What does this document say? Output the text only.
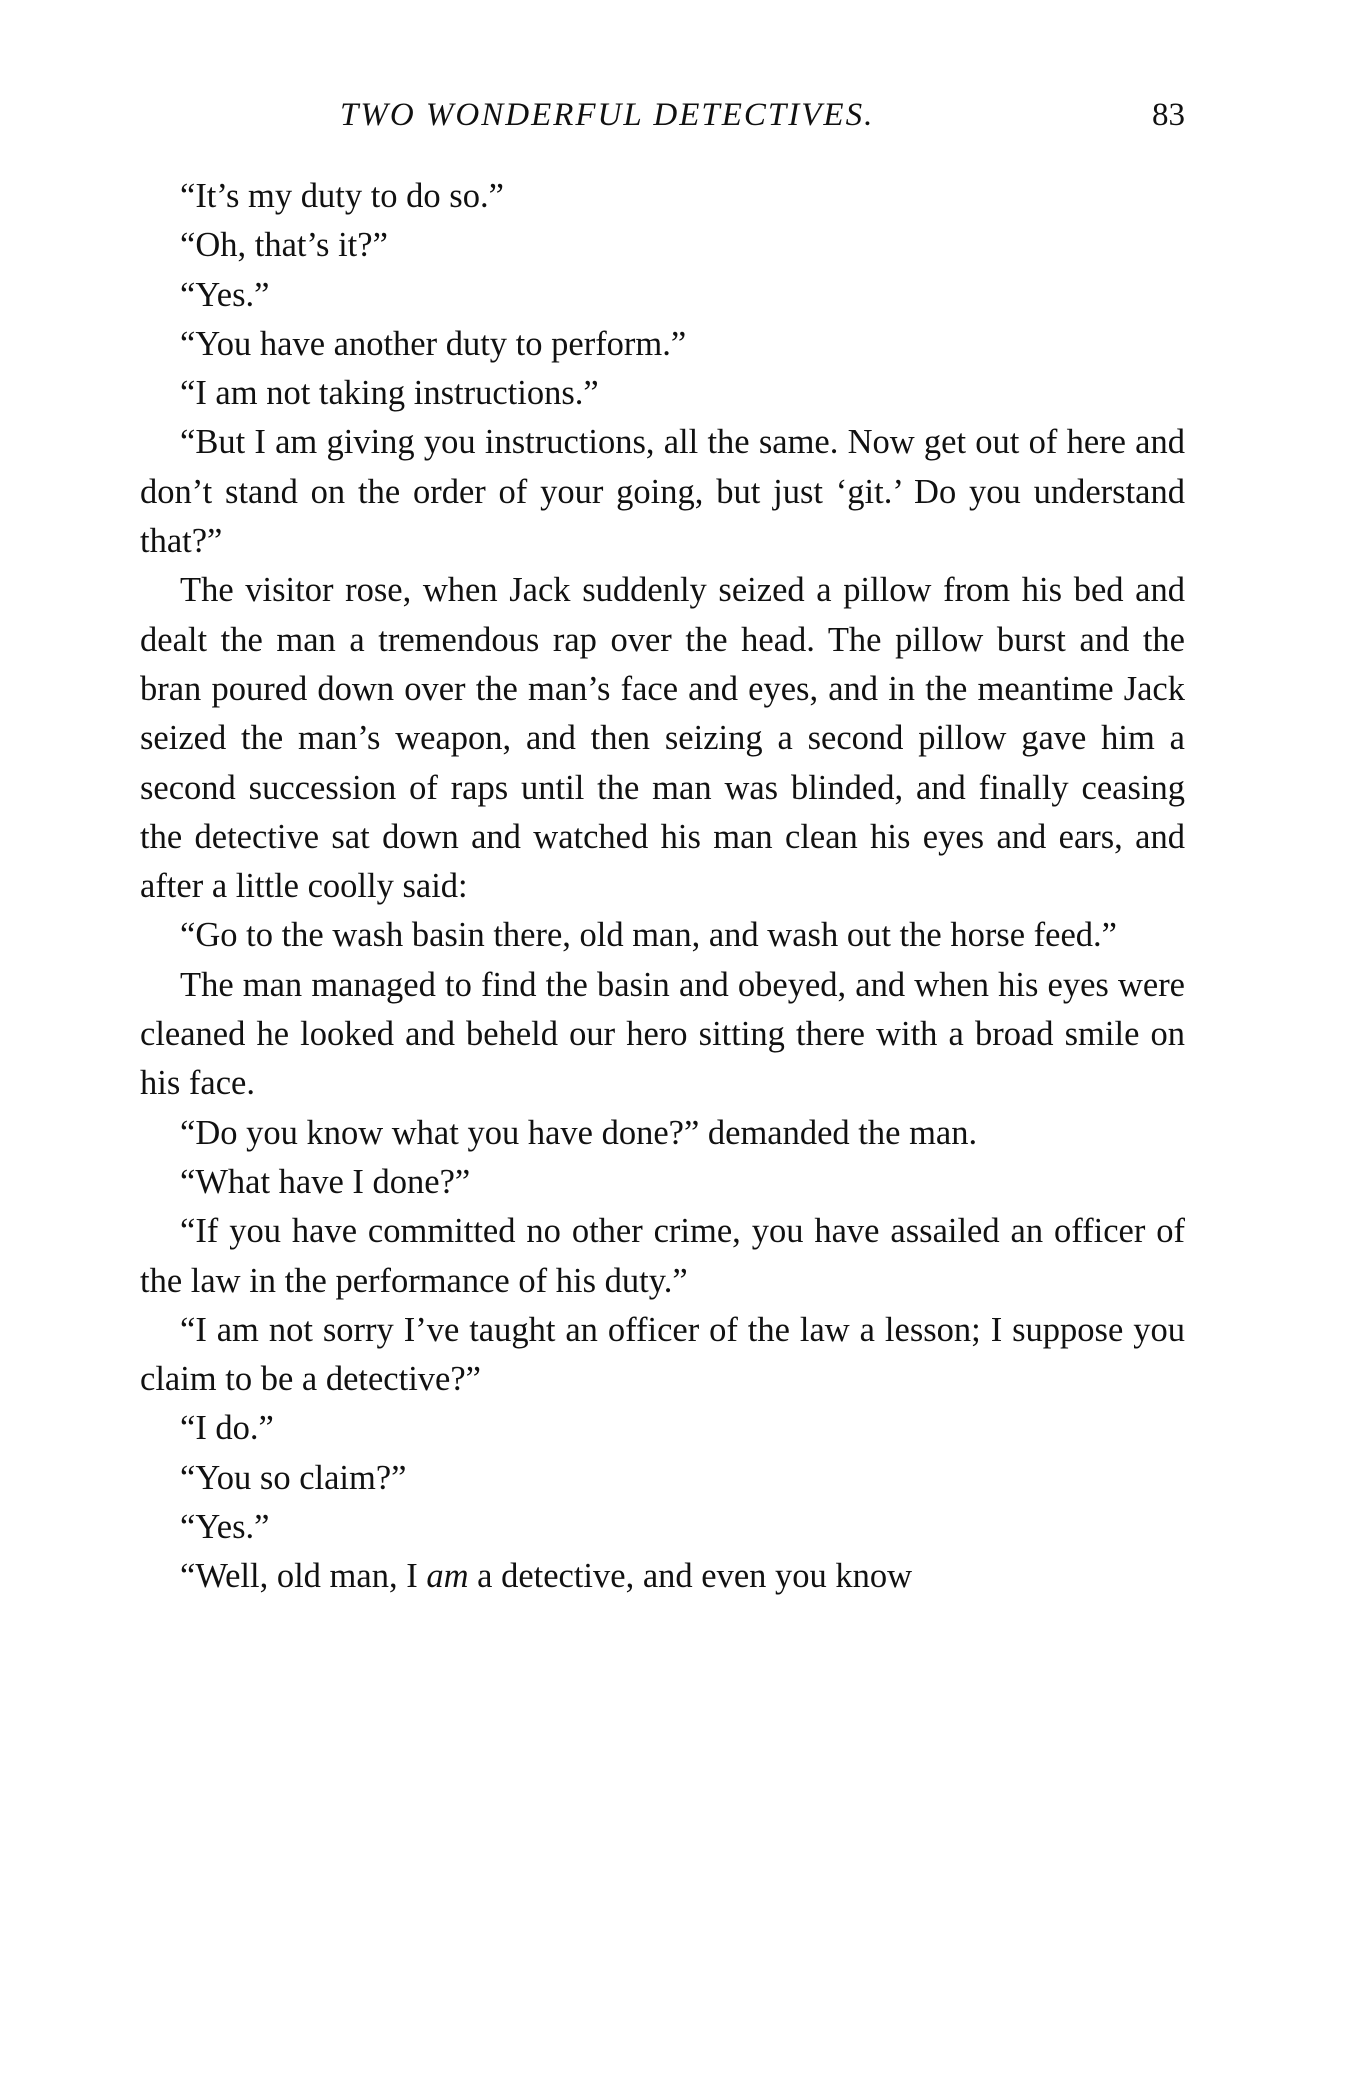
TWO WONDERFUL DETECTIVES.	83

“It’s my duty to do so.”

“Oh, that’s it?”

“Yes.”

“You have another duty to perform.”

“I am not taking instructions.”

“But I am giving you instructions, all the same. Now get out of here and don’t stand on the order of your going, but just ‘git.’ Do you understand that?”

The visitor rose, when Jack suddenly seized a pillow from his bed and dealt the man a tremendous rap over the head. The pillow burst and the bran poured down over the man’s face and eyes, and in the meantime Jack seized the man’s weapon, and then seizing a second pillow gave him a second succession of raps until the man was blinded, and finally ceasing the detective sat down and watched his man clean his eyes and ears, and after a little coolly said:

“Go to the wash basin there, old man, and wash out the horse feed.”

The man managed to find the basin and obeyed, and when his eyes were cleaned he looked and beheld our hero sitting there with a broad smile on his face.

“Do you know what you have done?” demanded the man.

“What have I done?”

“If you have committed no other crime, you have assailed an officer of the law in the performance of his duty.”

“I am not sorry I’ve taught an officer of the law a lesson; I suppose you claim to be a detective?”

“I do.”

“You so claim?”

“Yes.”

“Well, old man, I am a detective, and even you know
